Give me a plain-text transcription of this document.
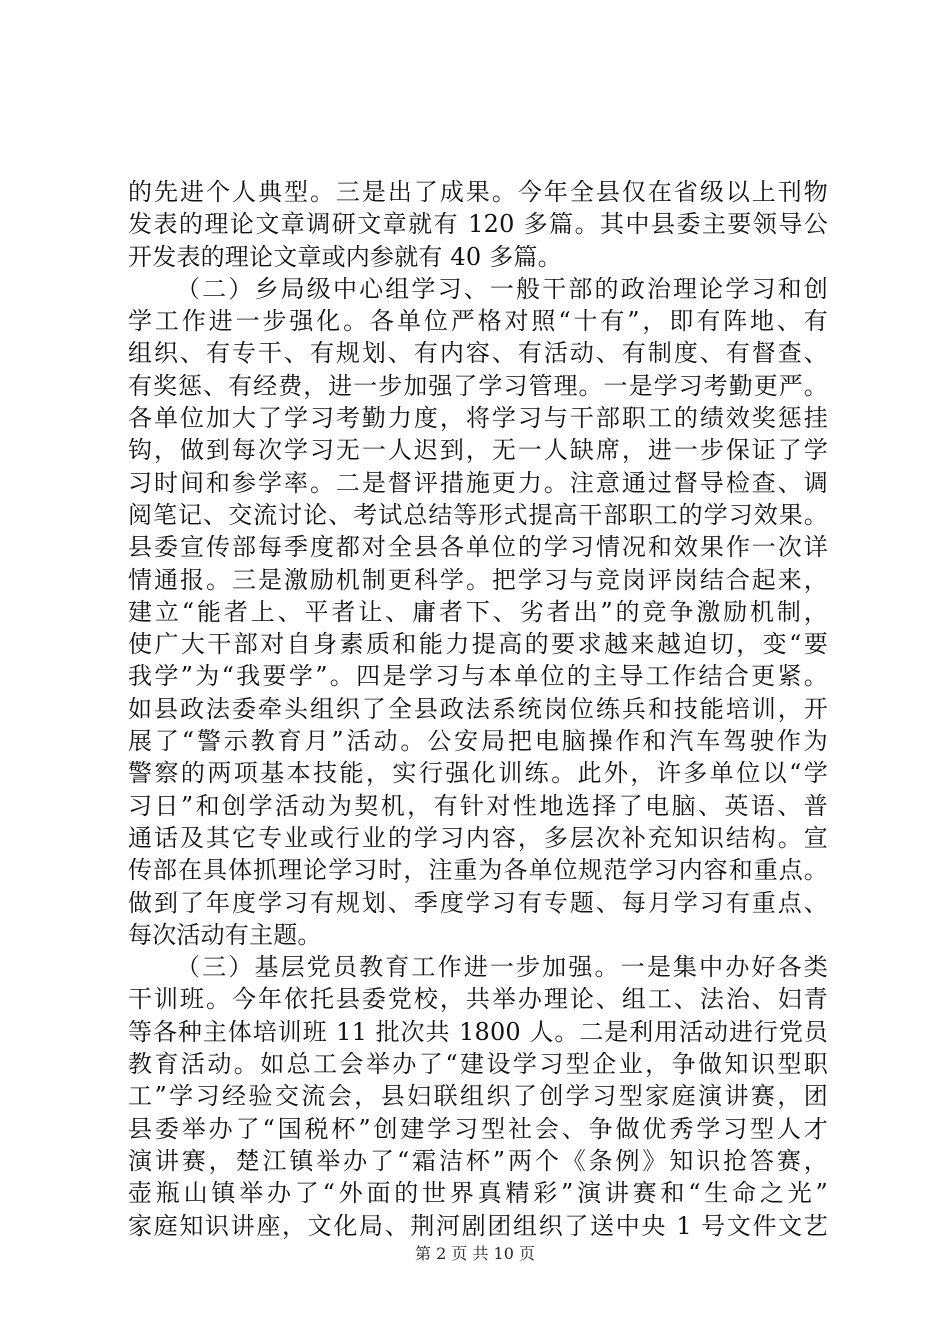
的先进个人典型。三是出了成果。今年全县仅在省级以上刊物
发表的理论文章调研文章就有 120 多篇。其中县委主要领导公
开发表的理论文章或内参就有 40 多篇。
（二）乡局级中心组学习、一般干部的政治理论学习和创
学工作进一步强化。各单位严格对照“十有”，即有阵地、有
组织、有专干、有规划、有内容、有活动、有制度、有督查、
有奖惩、有经费，进一步加强了学习管理。一是学习考勤更严。
各单位加大了学习考勤力度，将学习与干部职工的绩效奖惩挂
钩，做到每次学习无一人迟到，无一人缺席，进一步保证了学
习时间和参学率。二是督评措施更力。注意通过督导检查、调
阅笔记、交流讨论、考试总结等形式提高干部职工的学习效果。
县委宣传部每季度都对全县各单位的学习情况和效果作一次详
情通报。三是激励机制更科学。把学习与竞岗评岗结合起来，
建立“能者上、平者让、庸者下、劣者出”的竞争激励机制，
使广大干部对自身素质和能力提高的要求越来越迫切，变“要
我学”为“我要学”。四是学习与本单位的主导工作结合更紧。
如县政法委牵头组织了全县政法系统岗位练兵和技能培训，开
展了“警示教育月”活动。公安局把电脑操作和汽车驾驶作为
警察的两项基本技能，实行强化训练。此外，许多单位以“学
习日”和创学活动为契机，有针对性地选择了电脑、英语、普
通话及其它专业或行业的学习内容，多层次补充知识结构。宣
传部在具体抓理论学习时，注重为各单位规范学习内容和重点。
做到了年度学习有规划、季度学习有专题、每月学习有重点、
每次活动有主题。
（三）基层党员教育工作进一步加强。一是集中办好各类
干训班。今年依托县委党校，共举办理论、组工、法治、妇青
等各种主体培训班 11 批次共 1800 人。二是利用活动进行党员
教育活动。如总工会举办了“建设学习型企业，争做知识型职
工”学习经验交流会，县妇联组织了创学习型家庭演讲赛，团
县委举办了“国税杯”创建学习型社会、争做优秀学习型人才
演讲赛，楚江镇举办了“霜洁杯”两个《条例》知识抢答赛，
壶瓶山镇举办了“外面的世界真精彩”演讲赛和“生命之光”
家庭知识讲座，文化局、荆河剧团组织了送中央 1 号文件文艺
第 2 页 共 10 页
